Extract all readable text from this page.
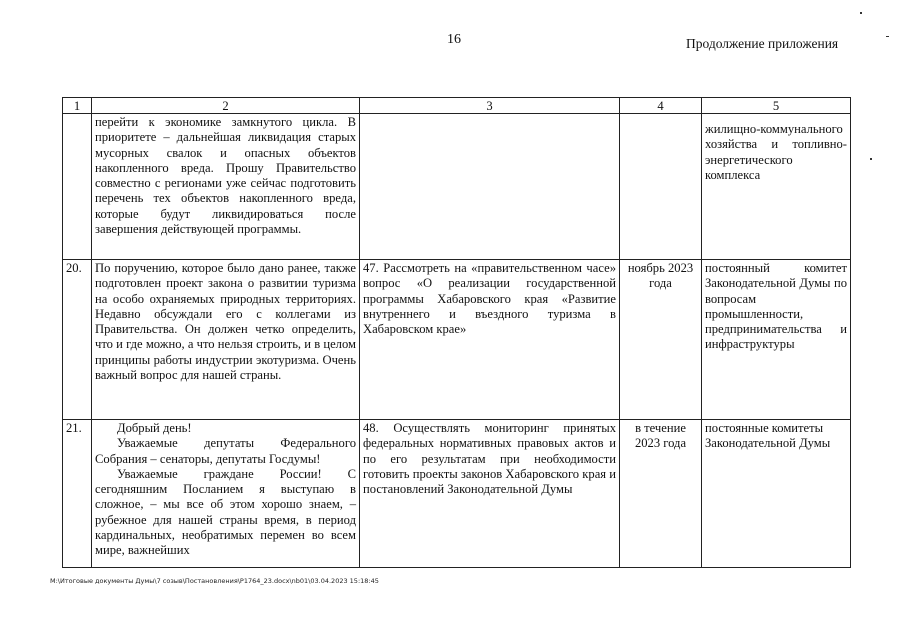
16	Продолжение приложения
1	2	3	4	5
	перейти к экономике замкнутого цикла. В приоритете – дальнейшая ликвидация старых мусорных свалок и опасных объектов накопленного вреда. Прошу Правительство совместно с регионами уже сейчас подготовить перечень тех объектов накопленного вреда, которые будут ликвидироваться после завершения действующей программы.			жилищно-коммунального хозяйства и топливно-энергетического комплекса
20.	По поручению, которое было дано ранее, также подготовлен проект закона о развитии туризма на особо охраняемых природных территориях. Недавно обсуждали его с коллегами из Правительства. Он должен четко определить, что и где можно, а что нельзя строить, и в целом принципы работы индустрии экотуризма. Очень важный вопрос для нашей страны.	47. Рассмотреть на «правительственном часе» вопрос «О реализации государственной программы Хабаровского края «Развитие внутреннего и въездного туризма в Хабаровском крае»	ноябрь 2023 года	постоянный комитет Законодательной Думы по вопросам промышленности, предпринимательства и инфраструктуры
21.	Добрый день!

Уважаемые депутаты Федерального Собрания – сенаторы, депутаты Госдумы!

Уважаемые граждане России! С сегодняшним Посланием я выступаю в сложное, – мы все об этом хорошо знаем, – рубежное для нашей страны время, в период кардинальных, необратимых перемен во всем мире, важнейших	48. Осуществлять мониторинг принятых федеральных нормативных правовых актов и по его результатам при необходимости готовить проекты законов Хабаровского края и постановлений Законодательной Думы	в течение 2023 года	постоянные комитеты Законодательной Думы
M:\Итоговые документы Думы\7 созыв\Постановления\Р1764_23.docx\nb01\03.04.2023 15:18:45
